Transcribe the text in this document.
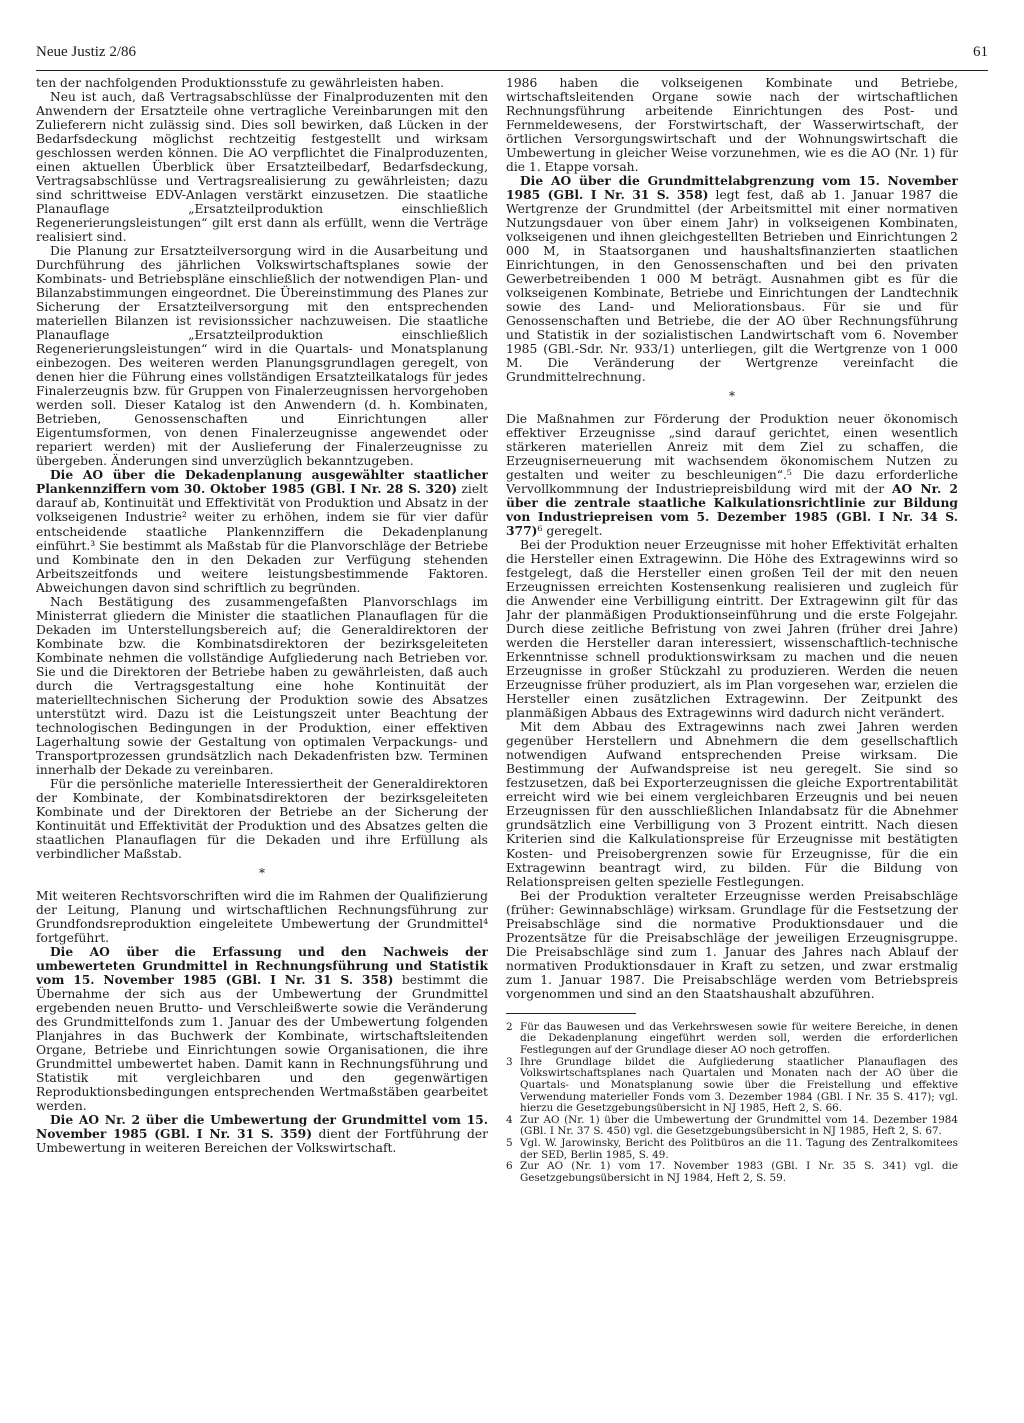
Neue Justiz 2/86	61

ten der nachfolgenden Produktionsstufe zu gewährleisten haben.

Neu ist auch, daß Vertragsabschlüsse der Finalproduzenten mit den Anwendern der Ersatzteile ohne vertragliche Vereinbarungen mit den Zulieferern nicht zulässig sind. Dies soll bewirken, daß Lücken in der Bedarfsdeckung möglichst rechtzeitig festgestellt und wirksam geschlossen werden können. Die AO verpflichtet die Finalproduzenten, einen aktuellen Überblick über Ersatzteilbedarf, Bedarfsdeckung, Vertragsabschlüsse und Vertragsrealisierung zu gewährleisten; dazu sind schrittweise EDV-Anlagen verstärkt einzusetzen. Die staatliche Planauflage „Ersatzteilproduktion einschließlich Regenerierungsleistungen“ gilt erst dann als erfüllt, wenn die Verträge realisiert sind.

Die Planung zur Ersatzteilversorgung wird in die Ausarbeitung und Durchführung des jährlichen Volkswirtschaftsplanes sowie der Kombinats- und Betriebspläne einschließlich der notwendigen Plan- und Bilanzabstimmungen eingeordnet. Die Übereinstimmung des Planes zur Sicherung der Ersatzteilversorgung mit den entsprechenden materiellen Bilanzen ist revisionssicher nachzuweisen. Die staatliche Planauflage „Ersatzteilproduktion einschließlich Regenerierungsleistungen“ wird in die Quartals- und Monatsplanung einbezogen. Des weiteren werden Planungsgrundlagen geregelt, von denen hier die Führung eines vollständigen Ersatzteilkatalogs für jedes Finalerzeugnis bzw. für Gruppen von Finalerzeugnissen hervorgehoben werden soll. Dieser Katalog ist den Anwendern (d. h. Kombinaten, Betrieben, Genossenschaften und Einrichtungen aller Eigentumsformen, von denen Finalerzeugnisse angewendet oder repariert werden) mit der Auslieferung der Finalerzeugnisse zu übergeben. Änderungen sind unverzüglich bekanntzugeben.

Die AO über die Dekadenplanung ausgewählter staatlicher Plankennziffern vom 30. Oktober 1985 (GBl. I Nr. 28 S. 320) zielt darauf ab, Kontinuität und Effektivität von Produktion und Absatz in der volkseigenen Industrie² weiter zu erhöhen, indem sie für vier dafür entscheidende staatliche Plankennziffern die Dekadenplanung einführt.³ Sie bestimmt als Maßstab für die Planvorschläge der Betriebe und Kombinate den in den Dekaden zur Verfügung stehenden Arbeitszeitfonds und weitere leistungsbestimmende Faktoren. Abweichungen davon sind schriftlich zu begründen.

Nach Bestätigung des zusammengefaßten Planvorschlags im Ministerrat gliedern die Minister die staatlichen Planauflagen für die Dekaden im Unterstellungsbereich auf; die Generaldirektoren der Kombinate bzw. die Kombinatsdirektoren der bezirksgeleiteten Kombinate nehmen die vollständige Aufgliederung nach Betrieben vor. Sie und die Direktoren der Betriebe haben zu gewährleisten, daß auch durch die Vertragsgestaltung eine hohe Kontinuität der materielltechnischen Sicherung der Produktion sowie des Absatzes unterstützt wird. Dazu ist die Leistungszeit unter Beachtung der technologischen Bedingungen in der Produktion, einer effektiven Lagerhaltung sowie der Gestaltung von optimalen Verpackungs- und Transportprozessen grundsätzlich nach Dekadenfristen bzw. Terminen innerhalb der Dekade zu vereinbaren.

Für die persönliche materielle Interessiertheit der Generaldirektoren der Kombinate, der Kombinatsdirektoren der bezirksgeleiteten Kombinate und der Direktoren der Betriebe an der Sicherung der Kontinuität und Effektivität der Produktion und des Absatzes gelten die staatlichen Planauflagen für die Dekaden und ihre Erfüllung als verbindlicher Maßstab.

*

Mit weiteren Rechtsvorschriften wird die im Rahmen der Qualifizierung der Leitung, Planung und wirtschaftlichen Rechnungsführung zur Grundfondsreproduktion eingeleitete Umbewertung der Grundmittel⁴ fortgeführt.

Die AO über die Erfassung und den Nachweis der umbewerteten Grundmittel in Rechnungsführung und Statistik vom 15. November 1985 (GBl. I Nr. 31 S. 358) bestimmt die Übernahme der sich aus der Umbewertung der Grundmittel ergebenden neuen Brutto- und Verschleißwerte sowie die Veränderung des Grundmittelfonds zum 1. Januar des der Umbewertung folgenden Planjahres in das Buchwerk der Kombinate, wirtschaftsleitenden Organe, Betriebe und Einrichtungen sowie Organisationen, die ihre Grundmittel umbewertet haben. Damit kann in Rechnungsführung und Statistik mit vergleichbaren und den gegenwärtigen Reproduktionsbedingungen entsprechenden Wertmaßstäben gearbeitet werden.

Die AO Nr. 2 über die Umbewertung der Grundmittel vom 15. November 1985 (GBl. I Nr. 31 S. 359) dient der Fortführung der Umbewertung in weiteren Bereichen der Volkswirtschaft.

1986 haben die volkseigenen Kombinate und Betriebe, wirtschaftsleitenden Organe sowie nach der wirtschaftlichen Rechnungsführung arbeitende Einrichtungen des Post- und Fernmeldewesens, der Forstwirtschaft, der Wasserwirtschaft, der örtlichen Versorgungswirtschaft und der Wohnungswirtschaft die Umbewertung in gleicher Weise vorzunehmen, wie es die AO (Nr. 1) für die 1. Etappe vorsah.

Die AO über die Grundmittelabgrenzung vom 15. November 1985 (GBl. I Nr. 31 S. 358) legt fest, daß ab 1. Januar 1987 die Wertgrenze der Grundmittel (der Arbeitsmittel mit einer normativen Nutzungsdauer von über einem Jahr) in volkseigenen Kombinaten, volkseigenen und ihnen gleichgestellten Betrieben und Einrichtungen 2 000 M, in Staatsorganen und haushaltsfinanzierten staatlichen Einrichtungen, in den Genossenschaften und bei den privaten Gewerbetreibenden 1 000 M beträgt. Ausnahmen gibt es für die volkseigenen Kombinate, Betriebe und Einrichtungen der Landtechnik sowie des Land- und Meliorationsbaus. Für sie und für Genossenschaften und Betriebe, die der AO über Rechnungsführung und Statistik in der sozialistischen Landwirtschaft vom 6. November 1985 (GBl.-Sdr. Nr. 933/1) unterliegen, gilt die Wertgrenze von 1 000 M. Die Veränderung der Wertgrenze vereinfacht die Grundmittelrechnung.

*

Die Maßnahmen zur Förderung der Produktion neuer ökonomisch effektiver Erzeugnisse „sind darauf gerichtet, einen wesentlich stärkeren materiellen Anreiz mit dem Ziel zu schaffen, die Erzeugniserneuerung mit wachsendem ökonomischem Nutzen zu gestalten und weiter zu beschleunigen“.⁵ Die dazu erforderliche Vervollkommnung der Industriepreisbildung wird mit der AO Nr. 2 über die zentrale staatliche Kalkulationsrichtlinie zur Bildung von Industriepreisen vom 5. Dezember 1985 (GBl. I Nr. 34 S. 377)⁶ geregelt.

Bei der Produktion neuer Erzeugnisse mit hoher Effektivität erhalten die Hersteller einen Extragewinn. Die Höhe des Extragewinns wird so festgelegt, daß die Hersteller einen großen Teil der mit den neuen Erzeugnissen erreichten Kostensenkung realisieren und zugleich für die Anwender eine Verbilligung eintritt. Der Extragewinn gilt für das Jahr der planmäßigen Produktionseinführung und die erste Folgejahr. Durch diese zeitliche Befristung von zwei Jahren (früher drei Jahre) werden die Hersteller daran interessiert, wissenschaftlich-technische Erkenntnisse schnell produktionswirksam zu machen und die neuen Erzeugnisse in großer Stückzahl zu produzieren. Werden die neuen Erzeugnisse früher produziert, als im Plan vorgesehen war, erzielen die Hersteller einen zusätzlichen Extragewinn. Der Zeitpunkt des planmäßigen Abbaus des Extragewinns wird dadurch nicht verändert.

Mit dem Abbau des Extragewinns nach zwei Jahren werden gegenüber Herstellern und Abnehmern die dem gesellschaftlich notwendigen Aufwand entsprechenden Preise wirksam. Die Bestimmung der Aufwandspreise ist neu geregelt. Sie sind so festzusetzen, daß bei Exporterzeugnissen die gleiche Exportrentabilität erreicht wird wie bei einem vergleichbaren Erzeugnis und bei neuen Erzeugnissen für den ausschließlichen Inlandabsatz für die Abnehmer grundsätzlich eine Verbilligung von 3 Prozent eintritt. Nach diesen Kriterien sind die Kalkulationspreise für Erzeugnisse mit bestätigten Kosten- und Preisobergrenzen sowie für Erzeugnisse, für die ein Extragewinn beantragt wird, zu bilden. Für die Bildung von Relationspreisen gelten spezielle Festlegungen.

Bei der Produktion veralteter Erzeugnisse werden Preisabschläge (früher: Gewinnabschläge) wirksam. Grundlage für die Festsetzung der Preisabschläge sind die normative Produktionsdauer und die Prozentsätze für die Preisabschläge der jeweiligen Erzeugnisgruppe. Die Preisabschläge sind zum 1. Januar des Jahres nach Ablauf der normativen Produktionsdauer in Kraft zu setzen, und zwar erstmalig zum 1. Januar 1987. Die Preisabschläge werden vom Betriebspreis vorgenommen und sind an den Staatshaushalt abzuführen.

2 Für das Bauwesen und das Verkehrswesen sowie für weitere Bereiche, in denen die Dekadenplanung eingeführt werden soll, werden die erforderlichen Festlegungen auf der Grundlage dieser AO noch getroffen.
3 Ihre Grundlage bildet die Aufgliederung staatlicher Planauflagen des Volkswirtschaftsplanes nach Quartalen und Monaten nach der AO über die Quartals- und Monatsplanung sowie über die Freistellung und effektive Verwendung materieller Fonds vom 3. Dezember 1984 (GBl. I Nr. 35 S. 417); vgl. hierzu die Gesetzgebungsübersicht in NJ 1985, Heft 2, S. 66.
4 Zur AO (Nr. 1) über die Umbewertung der Grundmittel vom 14. Dezember 1984 (GBl. I Nr. 37 S. 450) vgl. die Gesetzgebungsübersicht in NJ 1985, Heft 2, S. 67.
5 Vgl. W. Jarowinsky, Bericht des Politbüros an die 11. Tagung des Zentralkomitees der SED, Berlin 1985, S. 49.
6 Zur AO (Nr. 1) vom 17. November 1983 (GBl. I Nr. 35 S. 341) vgl. die Gesetzgebungsübersicht in NJ 1984, Heft 2, S. 59.
